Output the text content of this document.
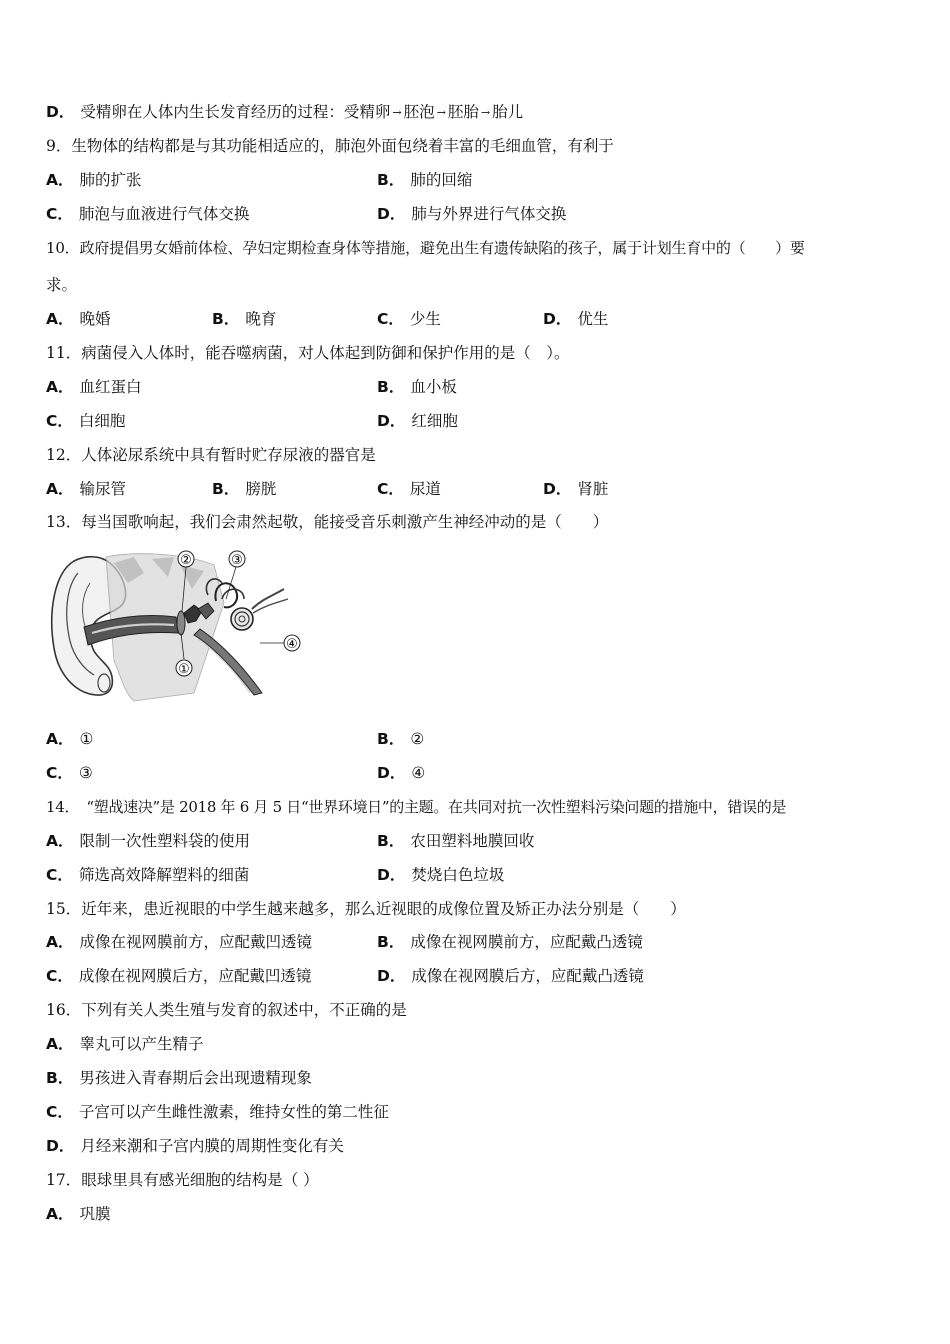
D． 受精卵在人体内生长发育经历的过程：受精卵 → 胚泡 → 胚胎 → 胎儿
9．生物体的结构都是与其功能相适应的，肺泡外面包绕着丰富的毛细血管，有利于
A． 肺的扩张	B． 肺的回缩
C． 肺泡与血液进行气体交换	D． 肺与外界进行气体交换
10．政府提倡男女婚前体检、孕妇定期检查身体等措施，避免出生有遗传缺陷的孩子，属于计划生育中的（　　）要
求。
A． 晚婚	B． 晚育	C． 少生	D． 优生
11．病菌侵入人体时，能吞噬病菌，对人体起到防御和保护作用的是（　）。
A． 血红蛋白	B． 血小板
C． 白细胞	D． 红细胞
12．人体泌尿系统中具有暂时贮存尿液的器官是
A． 输尿管	B． 膀胱	C． 尿道	D． 肾脏
13．每当国歌响起，我们会肃然起敬，能接受音乐刺激产生神经冲动的是（　　）
②	③
①
④
A． ①	B． ②
C． ③	D． ④
14．　“塑战速决”是 2018 年 6 月 5 日“世界环境日”的主题。在共同对抗一次性塑料污染问题的措施中，错误的是
A． 限制一次性塑料袋的使用	B． 农田塑料地膜回收
C． 筛选高效降解塑料的细菌	D． 焚烧白色垃圾
15．近年来，患近视眼的中学生越来越多，那么近视眼的成像位置及矫正办法分别是（　　）
A． 成像在视网膜前方，应配戴凹透镜	B． 成像在视网膜前方，应配戴凸透镜
C． 成像在视网膜后方，应配戴凹透镜	D． 成像在视网膜后方，应配戴凸透镜
16．下列有关人类生殖与发育的叙述中，不正确的是
A． 睾丸可以产生精子
B． 男孩进入青春期后会出现遗精现象
C． 子宫可以产生雌性激素，维持女性的第二性征
D． 月经来潮和子宫内膜的周期性变化有关
17．眼球里具有感光细胞的结构是（ ）
A． 巩膜
